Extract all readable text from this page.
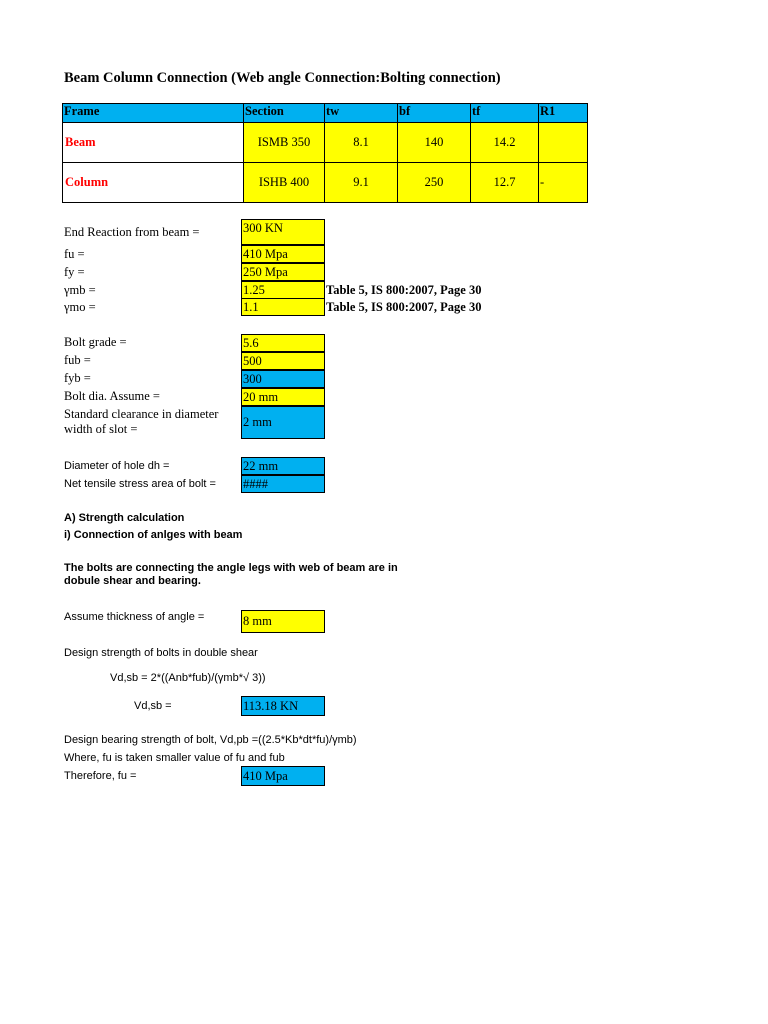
Beam Column Connection (Web angle Connection:Bolting connection)
Frame	Section	tw	bf	tf	R1
Beam	ISMB 350	8.1	140	14.2	
Column	ISHB 400	9.1	250	12.7	-
End Reaction from beam =	300 KN
fu =	410 Mpa
fy =	250 Mpa
γmb =	1.25	Table 5, IS 800:2007, Page 30
γmo =	1.1	Table 5, IS 800:2007, Page 30
Bolt grade =	5.6
fub =	500
fyb =	300
Bolt dia. Assume =	20 mm
Standard clearance in diameter
width of slot =	2 mm
Diameter of hole dh =	22 mm
Net tensile stress area of bolt = ####
A) Strength calculation
i) Connection of anlges with beam
The bolts are connecting the angle legs with web of beam are in
dobule shear and bearing.
Assume thickness of angle =	8 mm
Design strength of bolts in double shear
Vd,sb = 2*((Anb*fub)/(γmb*√ 3))
Vd,sb =	113.18 KN
Design bearing strength of bolt, Vd,pb =((2.5*Kb*dt*fu)/γmb)
Where, fu is taken smaller value of fu and fub
Therefore, fu =	410 Mpa
